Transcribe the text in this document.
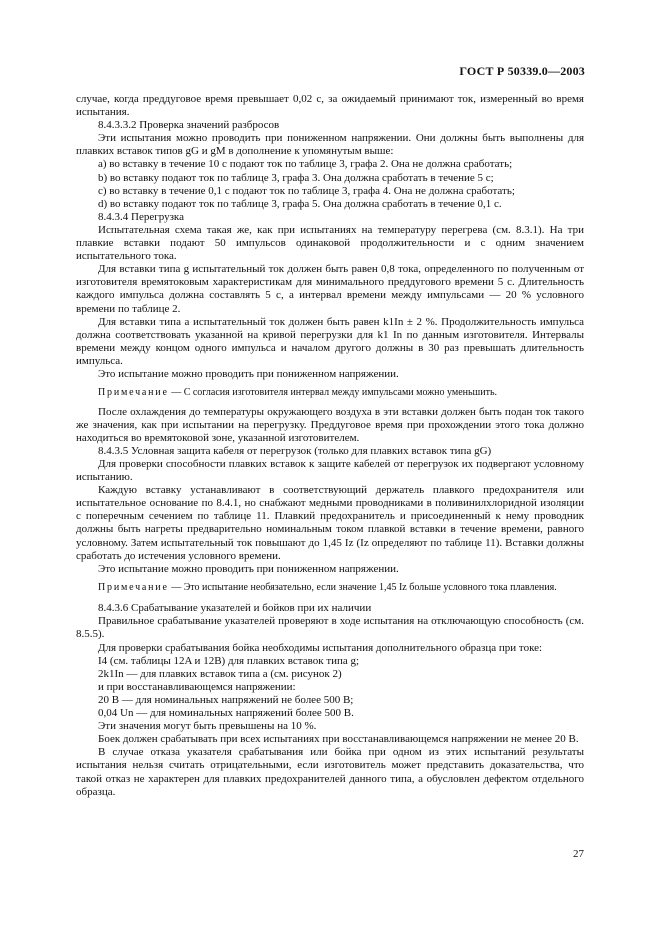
ГОСТ Р 50339.0—2003

случае, когда преддуговое время превышает 0,02 с, за ожидаемый принимают ток, измеренный во время испытания.

8.4.3.3.2 Проверка значений разбросов

Эти испытания можно проводить при пониженном напряжении. Они должны быть выполнены для плавких вставок типов gG и gM в дополнение к упомянутым выше:

a) во вставку в течение 10 с подают ток по таблице 3, графа 2. Она не должна сработать;

b) во вставку подают ток по таблице 3, графа 3. Она должна сработать в течение 5 с;

c) во вставку в течение 0,1 с подают ток по таблице 3, графа 4. Она не должна сработать;

d) во вставку подают ток по таблице 3, графа 5. Она должна сработать в течение 0,1 с.

8.4.3.4 Перегрузка

Испытательная схема такая же, как при испытаниях на температуру перегрева (см. 8.3.1). На три плавкие вставки подают 50 импульсов одинаковой продолжительности и с одним значением испытательного тока.

Для вставки типа g испытательный ток должен быть равен 0,8 тока, определенного по полученным от изготовителя времятоковым характеристикам для минимального преддугового времени 5 с. Длительность каждого импульса должна составлять 5 с, а интервал времени между импульсами — 20 % условного времени по таблице 2.

Для вставки типа a испытательный ток должен быть равен k1In ± 2 %. Продолжительность импульса должна соответствовать указанной на кривой перегрузки для k1 In по данным изготовителя. Интервалы времени между концом одного импульса и началом другого должны в 30 раз превышать длительность импульса.

Это испытание можно проводить при пониженном напряжении.

Примечание — С согласия изготовителя интервал между импульсами можно уменьшить.

После охлаждения до температуры окружающего воздуха в эти вставки должен быть подан ток такого же значения, как при испытании на перегрузку. Преддуговое время при прохождении этого тока должно находиться во времятоковой зоне, указанной изготовителем.

8.4.3.5 Условная защита кабеля от перегрузок (только для плавких вставок типа gG)

Для проверки способности плавких вставок к защите кабелей от перегрузок их подвергают условному испытанию.

Каждую вставку устанавливают в соответствующий держатель плавкого предохранителя или испытательное основание по 8.4.1, но снабжают медными проводниками в поливинилхлоридной изоляции с поперечным сечением по таблице 11. Плавкий предохранитель и присоединенный к нему проводник должны быть нагреты предварительно номинальным током плавкой вставки в течение времени, равного условному. Затем испытательный ток повышают до 1,45 Iz (Iz определяют по таблице 11). Вставки должны сработать до истечения условного времени.

Это испытание можно проводить при пониженном напряжении.

Примечание — Это испытание необязательно, если значение 1,45 Iz больше условного тока плавления.

8.4.3.6 Срабатывание указателей и бойков при их наличии

Правильное срабатывание указателей проверяют в ходе испытания на отключающую способность (см. 8.5.5).

Для проверки срабатывания бойка необходимы испытания дополнительного образца при токе:

I4 (см. таблицы 12A и 12B) для плавких вставок типа g;

2k1In — для плавких вставок типа a (см. рисунок 2)

и при восстанавливающемся напряжении:

20 В — для номинальных напряжений не более 500 В;

0,04 Un — для номинальных напряжений более 500 В.

Эти значения могут быть превышены на 10 %.

Боек должен срабатывать при всех испытаниях при восстанавливающемся напряжении не менее 20 В.

В случае отказа указателя срабатывания или бойка при одном из этих испытаний результаты испытания нельзя считать отрицательными, если изготовитель может представить доказательства, что такой отказ не характерен для плавких предохранителей данного типа, а обусловлен дефектом отдельного образца.

27
